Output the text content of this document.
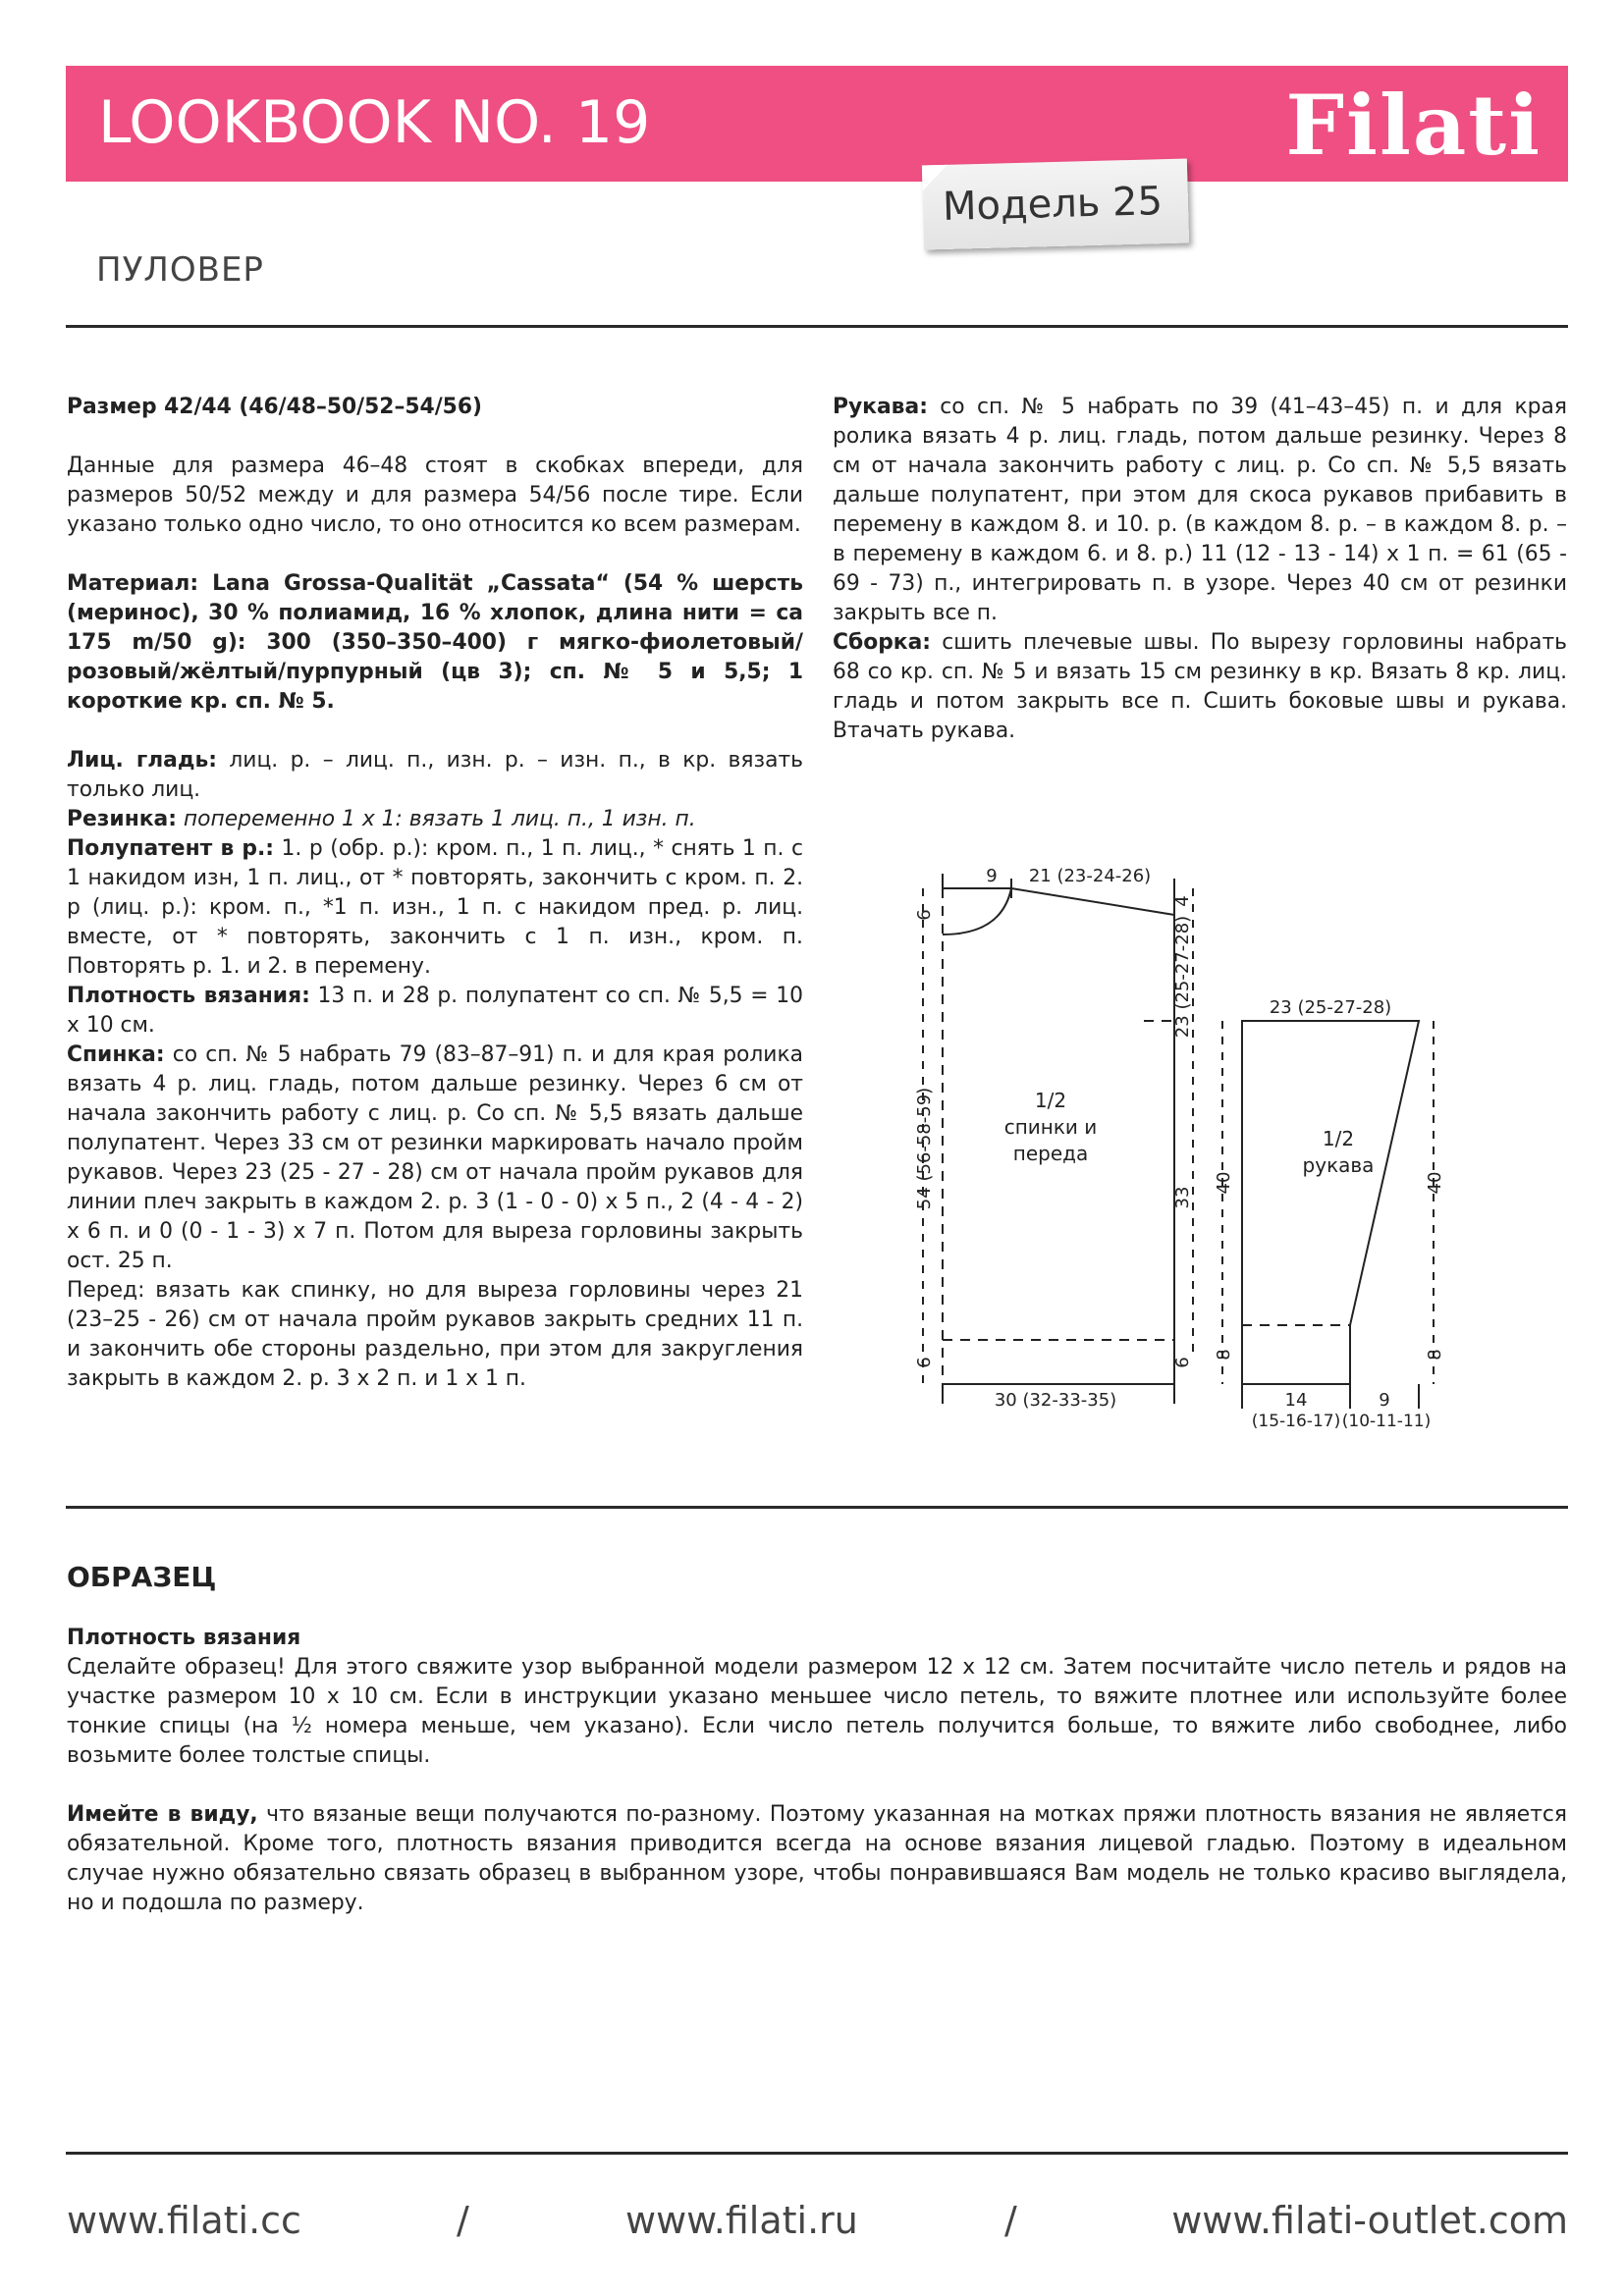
LOOKBOOK NO. 19	Filati
Модель 25
ПУЛОВЕР

Размер 42/44 (46/48–50/52–54/56)

Данные для размера 46–48 стоят в скобках впереди, для размеров 50/52 между и для размера 54/56 после тире. Если указано только одно число, то оно относится ко всем размерам.

Материал: Lana Grossa-Qualität „Cassata“ (54 % шерсть (меринос), 30 % полиамид, 16 % хлопок, длина нити = ca 175 m/50 g): 300 (350–350–400) г мягко-фиолетовый/розовый/жёлтый/пурпурный (цв 3); сп. № 5 и 5,5; 1 короткие кр. сп. № 5.

Лиц. гладь: лиц. р. – лиц. п., изн. р. – изн. п., в кр. вязать только лиц.

Резинка: попеременно 1 x 1: вязать 1 лиц. п., 1 изн. п.

Полупатент в р.: 1. р (обр. р.): кром. п., 1 п. лиц., * снять 1 п. с 1 накидом изн, 1 п. лиц., от * повторять, закончить с кром. п. 2. р (лиц. р.): кром. п., *1 п. изн., 1 п. с накидом пред. р. лиц. вместе, от * повторять, закончить с 1 п. изн., кром. п. Повторять р. 1. и 2. в перемену.

Плотность вязания: 13 п. и 28 р. полупатент со сп. № 5,5 = 10 x 10 см.

Спинка: со сп. № 5 набрать 79 (83–87–91) п. и для края ролика вязать 4 р. лиц. гладь, потом дальше резинку. Через 6 см от начала закончить работу с лиц. р. Со сп. № 5,5 вязать дальше полупатент. Через 33 см от резинки маркировать начало пройм рукавов. Через 23 (25 - 27 - 28) см от начала пройм рукавов для линии плеч закрыть в каждом 2. р. 3 (1 - 0 - 0) x 5 п., 2 (4 - 4 - 2) x 6 п. и 0 (0 - 1 - 3) x 7 п. Потом для выреза горловины закрыть ост. 25 п.

Перед: вязать как спинку, но для выреза горловины через 21 (23–25 - 26) см от начала пройм рукавов закрыть средних 11 п. и закончить обе стороны раздельно, при этом для закругления закрыть в каждом 2. р. 3 x 2 п. и 1 x 1 п.

Рукава: со сп. № 5 набрать по 39 (41–43–45) п. и для края ролика вязать 4 р. лиц. гладь, потом дальше резинку. Через 8 см от начала закончить работу с лиц. р. Со сп. № 5,5 вязать дальше полупатент, при этом для скоса рукавов прибавить в перемену в каждом 8. и 10. р. (в каждом 8. р. – в каждом 8. р. – в перемену в каждом 6. и 8. р.) 11 (12 - 13 - 14) x 1 п. = 61 (65 - 69 - 73) п., интегрировать п. в узоре. Через 40 см от резинки закрыть все п.

Сборка: сшить плечевые швы. По вырезу горловины набрать 68 со кр. сп. № 5 и вязать 15 см резинку в кр. Вязать 8 кр. лиц. гладь и потом закрыть все п. Сшить боковые швы и рукава. Втачать рукава.

9 21 (23-24-26)
6
4
54 (56-58-59)
23 (25-27-28)
33
6	6
30 (32-33-35)
1/2
спинки и
переда
23 (25-27-28)
40	40
8	8
14
(15-16-17)
9
(10-11-11)
1/2
рукава
ОБРАЗЕЦ

Плотность вязания

Сделайте образец! Для этого свяжите узор выбранной модели размером 12 x 12 см. Затем посчитайте число петель и рядов на участке размером 10 x 10 см. Если в инструкции указано меньшее число петель, то вяжите плотнее или используйте более тонкие спицы (на ½ номера меньше, чем указано). Если число петель получится больше, то вяжите либо свободнее, либо возьмите более толстые спицы.

Имейте в виду, что вязаные вещи получаются по-разному. Поэтому указанная на мотках пряжи плотность вязания не является обязательной. Кроме того, плотность вязания приводится всегда на основе вязания лицевой гладью. Поэтому в идеальном случае нужно обязательно связать образец в выбранном узоре, чтобы понравившаяся Вам модель не только красиво выглядела, но и подошла по размеру.

www.filati.cc	/	www.filati.ru	/	www.filati-outlet.com
